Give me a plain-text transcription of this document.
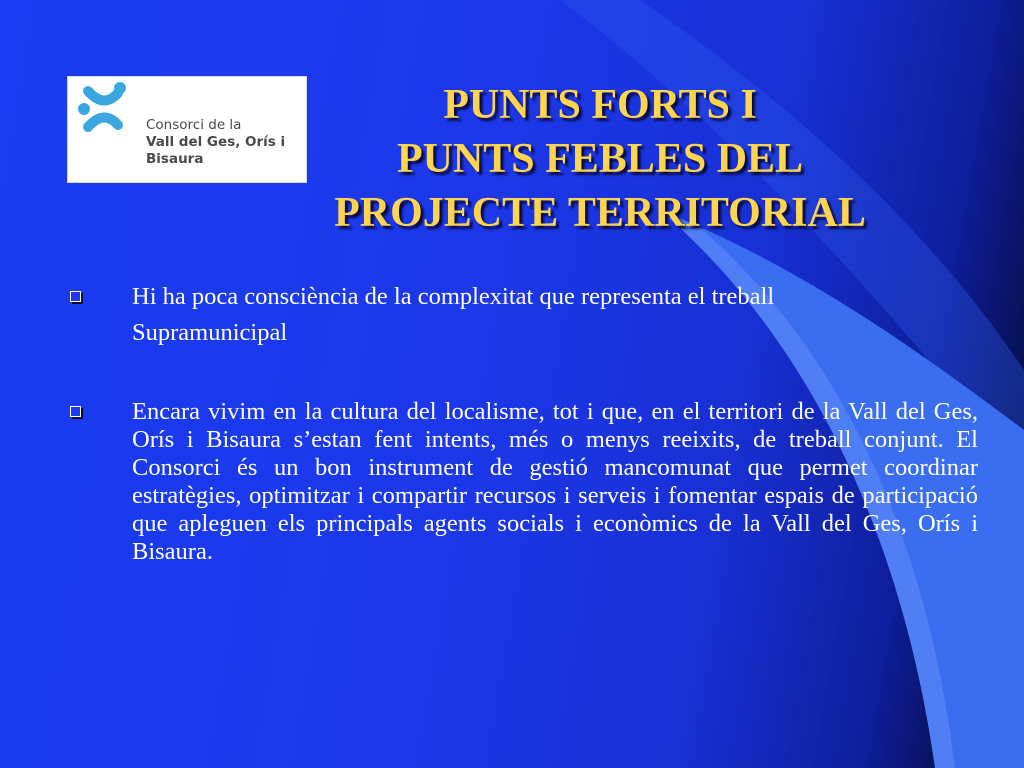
Consorci de la
Vall del Ges, Orís i
Bisaura
PUNTS FORTS I
PUNTS FEBLES DEL
PROJECTE TERRITORIAL
Hi ha poca consciència de la complexitat que representa el treball
Supramunicipal
Encara vivim en la cultura del localisme, tot i que, en el territori de la Vall del Ges, Orís i Bisaura s’estan fent intents, més o menys reeixits, de treball conjunt. El Consorci és un bon instrument de gestió mancomunat que permet coordinar estratègies, optimitzar i compartir recursos i serveis i fomentar espais de participació que apleguen els principals agents socials i econòmics de la Vall del Ges, Orís i Bisaura.
